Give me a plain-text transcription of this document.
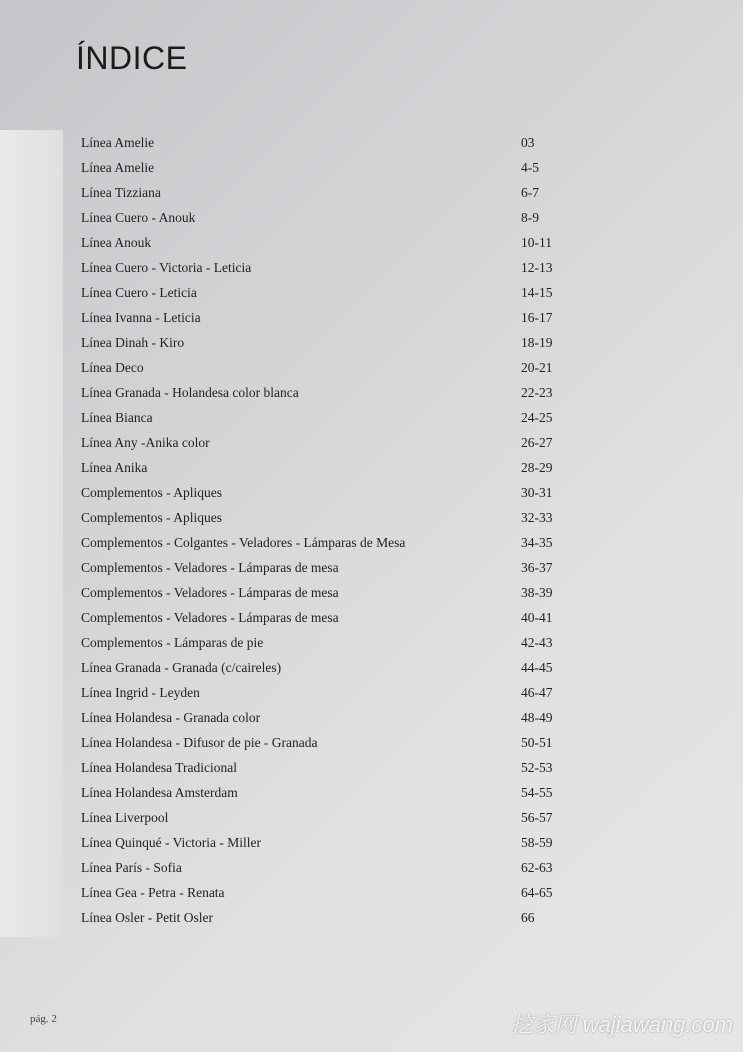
ÍNDICE
Línea Amelie	03
Línea Amelie	4-5
Línea Tizziana	6-7
Línea Cuero - Anouk	8-9
Línea Anouk	10-11
Línea Cuero - Victoria - Leticia	12-13
Línea Cuero - Leticia	14-15
Línea Ivanna - Leticia	16-17
Línea Dinah - Kiro	18-19
Línea Deco	20-21
Línea Granada - Holandesa color blanca	22-23
Línea Bianca	24-25
Línea Any -Anika color	26-27
Línea Anika	28-29
Complementos - Apliques	30-31
Complementos - Apliques	32-33
Complementos - Colgantes - Veladores - Lámparas de Mesa	34-35
Complementos - Veladores - Lámparas de mesa	36-37
Complementos - Veladores - Lámparas de mesa	38-39
Complementos - Veladores - Lámparas de mesa	40-41
Complementos - Lámparas de pie	42-43
Línea Granada - Granada (c/caireles)	44-45
Línea Ingrid - Leyden	46-47
Línea Holandesa - Granada color	48-49
Línea Holandesa - Difusor de pie - Granada	50-51
Línea Holandesa Tradicional	52-53
Línea Holandesa Amsterdam	54-55
Línea Liverpool	56-57
Línea Quinqué - Victoria - Miller	58-59
Línea París - Sofia	62-63
Línea Gea - Petra - Renata	64-65
Línea Osler - Petit Osler	66
pág. 2	挖家网 wajiawang.com
